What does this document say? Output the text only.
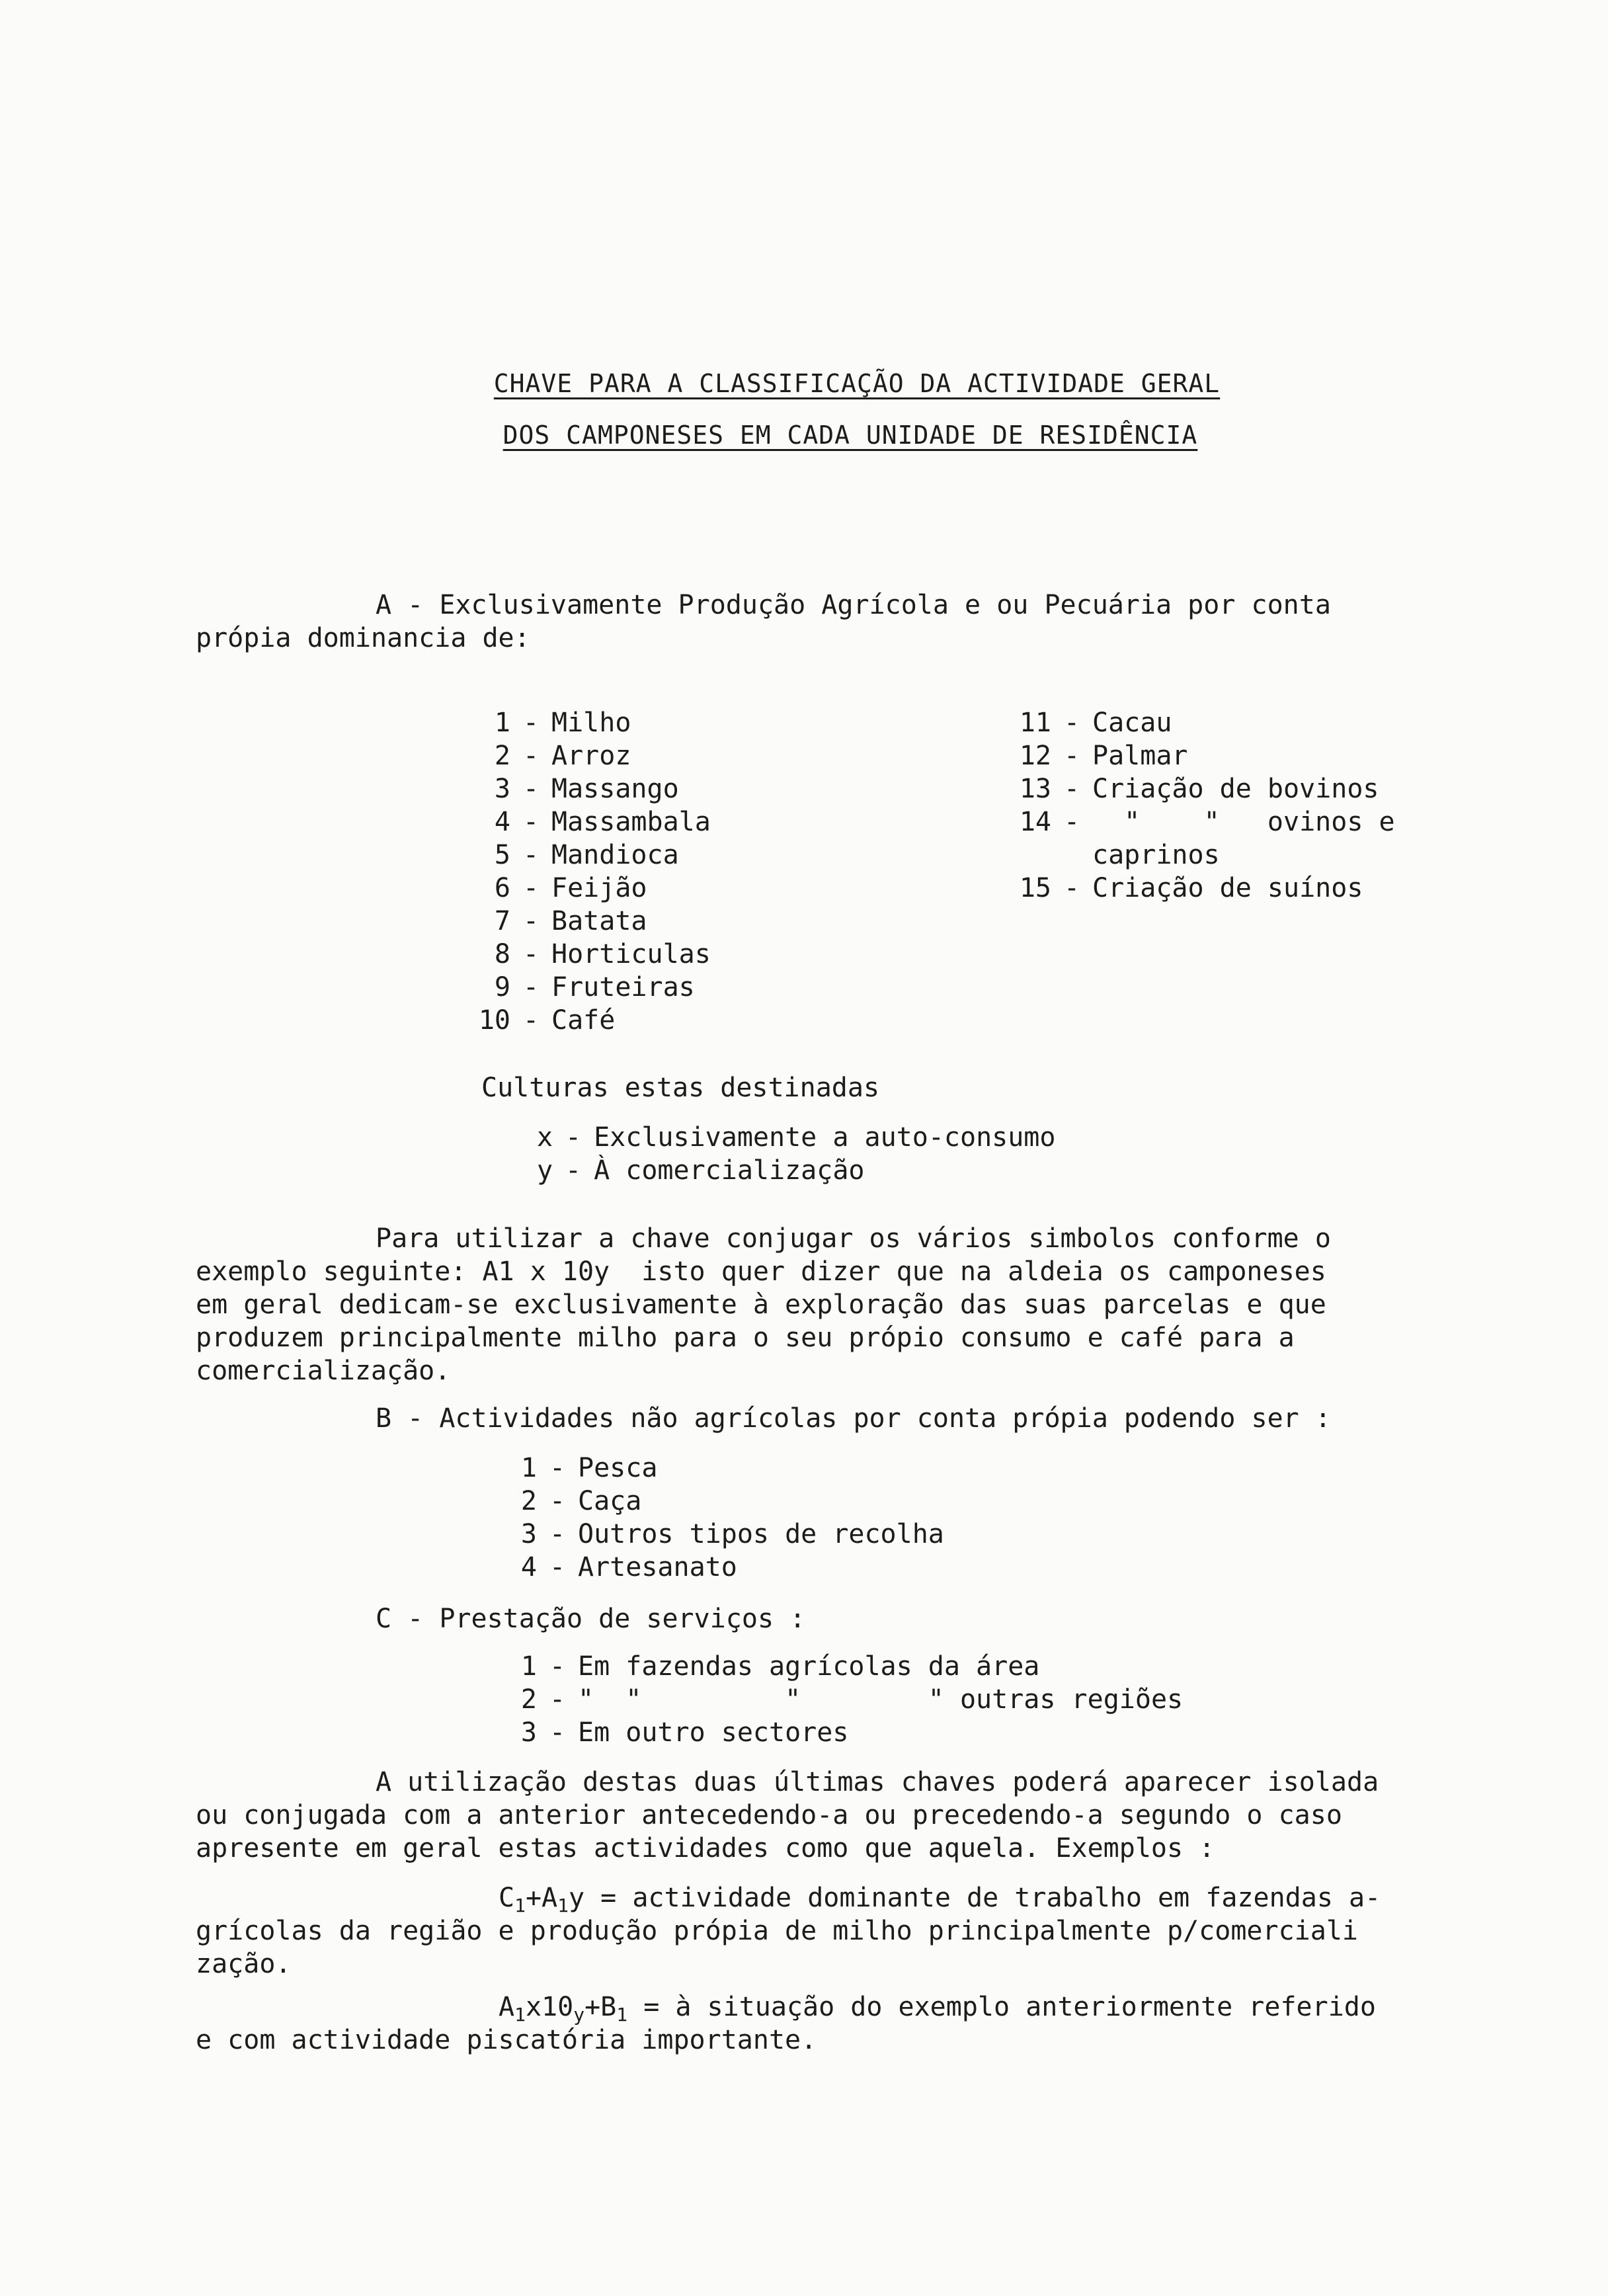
CHAVE PARA A CLASSIFICAÇÃO DA ACTIVIDADE GERAL
DOS CAMPONESES EM CADA UNIDADE DE RESIDÊNCIA
A - Exclusivamente Produção Agrícola e ou Pecuária por conta
própia dominancia de:
1 - Milho
2 - Arroz
3 - Massango
4 - Massambala
5 - Mandioca
6 - Feijão
7 - Batata
8 - Horticulas
9 - Fruteiras
10 - Café
11 - Cacau
12 - Palmar
13 - Criação de bovinos
14 -  "    "   ovinos e
caprinos
15 - Criação de suínos
Culturas estas destinadas
x - Exclusivamente a auto-consumo
y - À comercialização
Para utilizar a chave conjugar os vários simbolos conforme o
exemplo seguinte: A1 x 10y  isto quer dizer que na aldeia os camponeses
em geral dedicam-se exclusivamente à exploração das suas parcelas e que
produzem principalmente milho para o seu própio consumo e café para a
comercialização.
B - Actividades não agrícolas por conta própia podendo ser :
1 - Pesca
2 - Caça
3 - Outros tipos de recolha
4 - Artesanato
C - Prestação de serviços :
1 - Em fazendas agrícolas da área
2 - "  "         "        " outras regiões
3 - Em outro sectores
A utilização destas duas últimas chaves poderá aparecer isolada
ou conjugada com a anterior antecedendo-a ou precedendo-a segundo o caso
apresente em geral estas actividades como que aquela. Exemplos :
$C_1+A_1y$ = actividade dominante de trabalho em fazendas a-
grícolas da região e produção própia de milho principalmente p/comerciali
zação.
$A_1x10_y+B_1$ = à situação do exemplo anteriormente referido
e com actividade piscatória importante.
